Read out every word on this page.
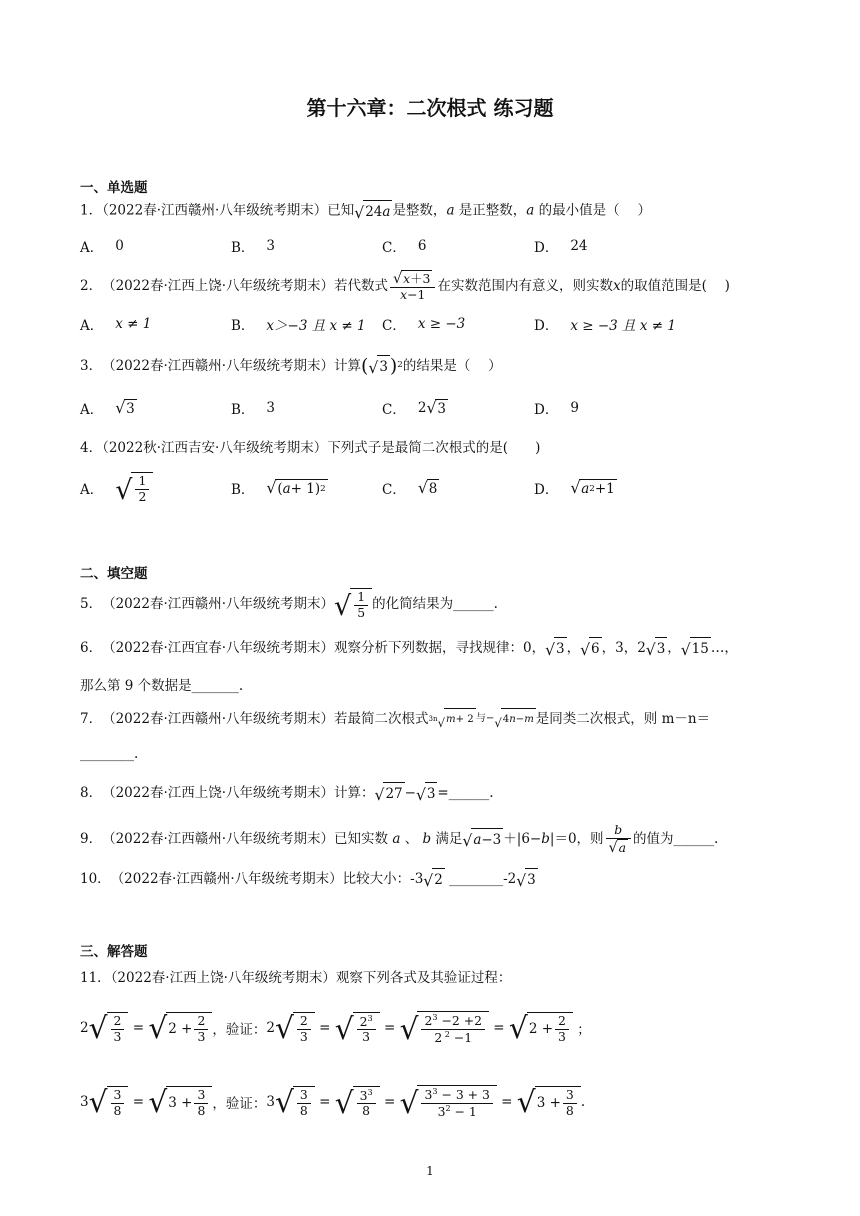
第十六章：二次根式 练习题
一、单选题
1．（2022春·江西赣州·八年级统考期末）已知 √ 24 a 是整数，a 是正整数，a 的最小值是（　 ）
A． 0	B． 3	C． 6	D． 24
2． （2022春·江西上饶·八年级统考期末） 若代数式 √ x ＋3
x−1 在实数范围内有意义，则实数 x 的取值范围是(　 )
A． x ≠ 1	B． x＞−3 且 x ≠ 1 C． x ≥ −3	D． x ≥ −3 且 x ≠ 1
3． （2022春·江西赣州·八年级统考期末） 计算 ( √ 3 ) 2 的结果是（　 ）
A． √ 3	B． 3	C． 2 √ 3	D． 9
4．（2022秋·江西吉安·八年级统考期末）下列式子是最简二次根式的是(　　)
A． √ 1
2	B． √ ( a + 1) 2	C． √ 8	D． √ a 2 +1
二、填空题
5． （2022春·江西赣州·八年级统考期末） √ 1
5 的化简结果为______.
6． （2022春·江西宜春·八年级统考期末） 观察分析下列数据，寻找规律：0， √ 3 ， √ 6 ，3，2 √ 3 ， √ 15 …，
那么第 9 个数据是_______.
7． （2022春·江西赣州·八年级统考期末） 若最简二次根式 3n √ m + 2 与− √ 4 n − m 是同类二次根式，则 m－n＝
________.
8． （2022春·江西上饶·八年级统考期末） 计算： √ 27 − √ 3 = ______.
9． （2022春·江西赣州·八年级统考期末） 已知实数 a 、 b 满足 √ a −3 ＋|6− b |＝0 ，则
b
√ a 的值为______.
10． （2022春·江西赣州·八年级统考期末） 比较大小：-3 √ 2
________-2 √ 3
三、解答题
11．（2022春·江西上饶·八年级统考期末）观察下列各式及其验证过程：
2 √ 2
3 = √ 2 +
2
3 ，验证： 2 √ 2
3 = √ $2^3$
3
= √ $2^3 -2 +2$
2 $^2$ −1
= √ 2 +
2
3 ；
3 √ 3
8 = √ 3 +
3
8 ，验证： 3 √ 3
8 = √ $3^3$
8
= √ $3^3 - 3 + 3$
$3^2 - 1$
= √ 3 +
3
8 .
1
